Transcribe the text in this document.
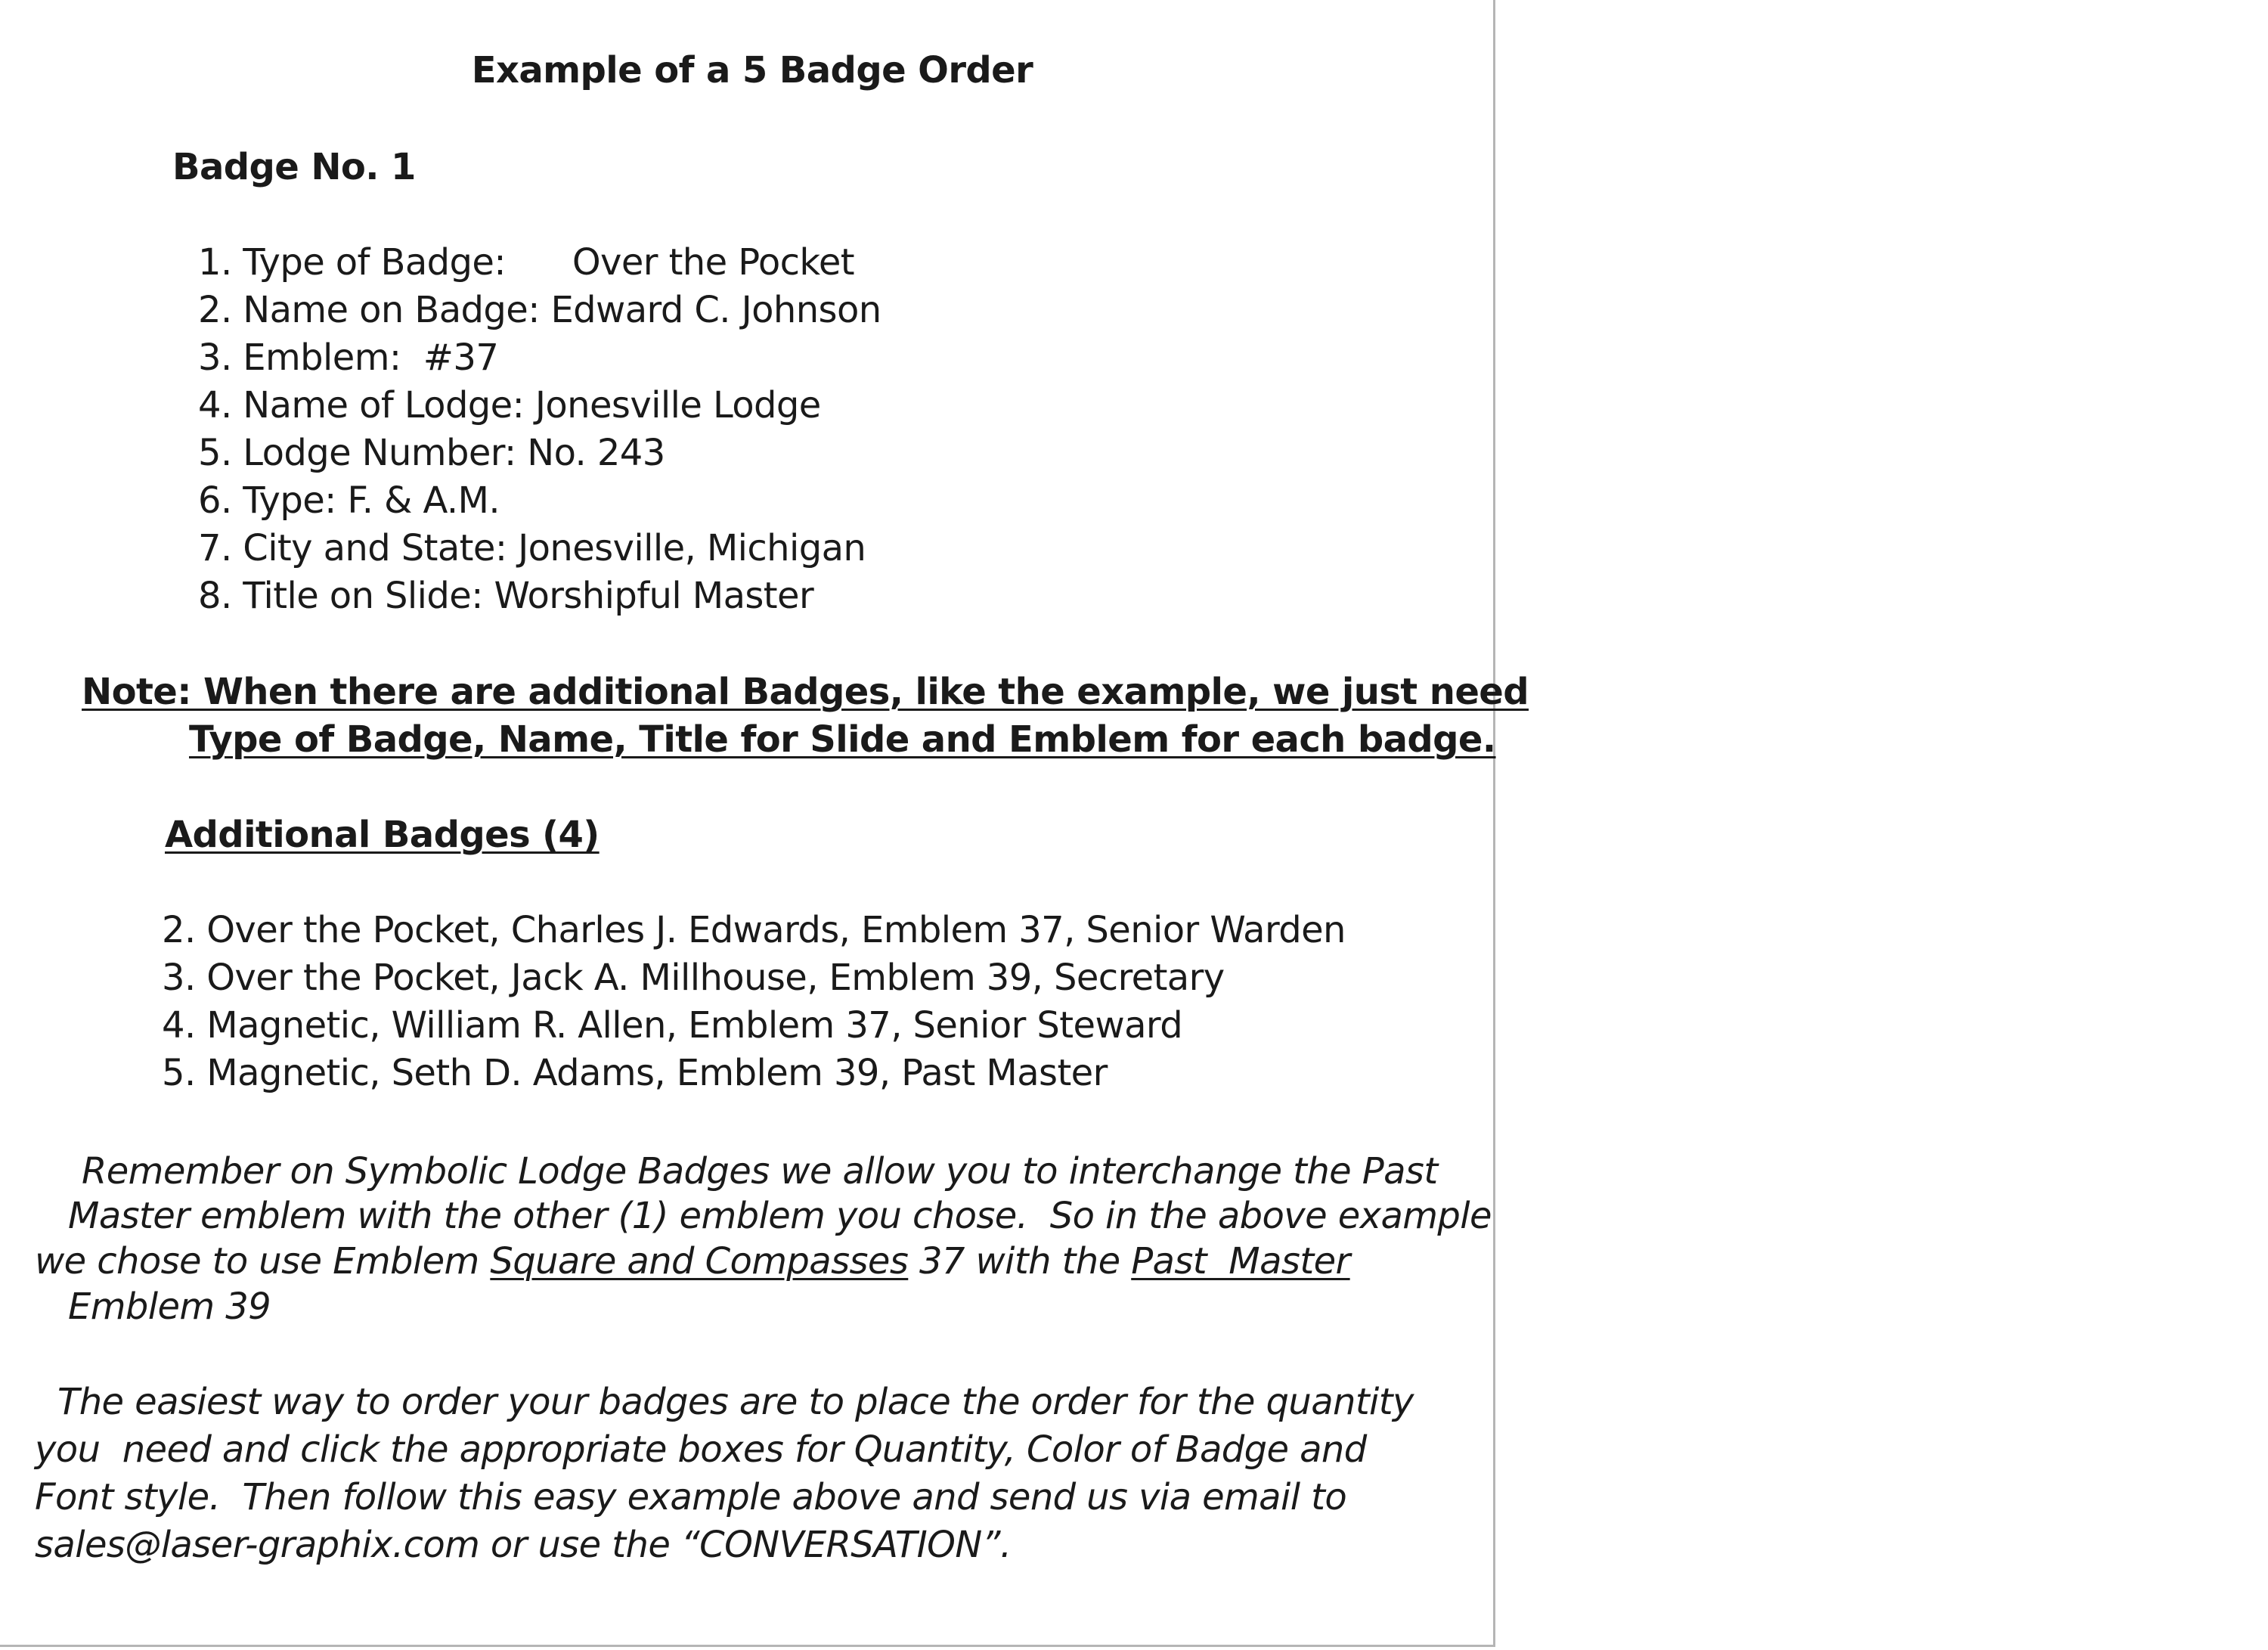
Example of a 5 Badge Order
Badge No. 1
1. Type of Badge: Over the Pocket
2. Name on Badge: Edward C. Johnson
3. Emblem: #37
4. Name of Lodge: Jonesville Lodge
5. Lodge Number: No. 243
6. Type: F. & A.M.
7. City and State: Jonesville, Michigan
8. Title on Slide: Worshipful Master
Note: When there are additional Badges, like the example, we just need
Type of Badge, Name, Title for Slide and Emblem for each badge.
Additional Badges (4)
2. Over the Pocket, Charles J. Edwards, Emblem 37, Senior Warden
3. Over the Pocket, Jack A. Millhouse, Emblem 39, Secretary
4. Magnetic, William R. Allen, Emblem 37, Senior Steward
5. Magnetic, Seth D. Adams, Emblem 39, Past Master
Remember on Symbolic Lodge Badges we allow you to interchange the Past
Master emblem with the other (1) emblem you chose.  So in the above example
we chose to use Emblem Square and Compasses 37 with the Past  Master
Emblem 39
The easiest way to order your badges are to place the order for the quantity
you  need and click the appropriate boxes for Quantity, Color of Badge and
Font style.  Then follow this easy example above and send us via email to
sales@laser-graphix.com or use the “CONVERSATION”.
